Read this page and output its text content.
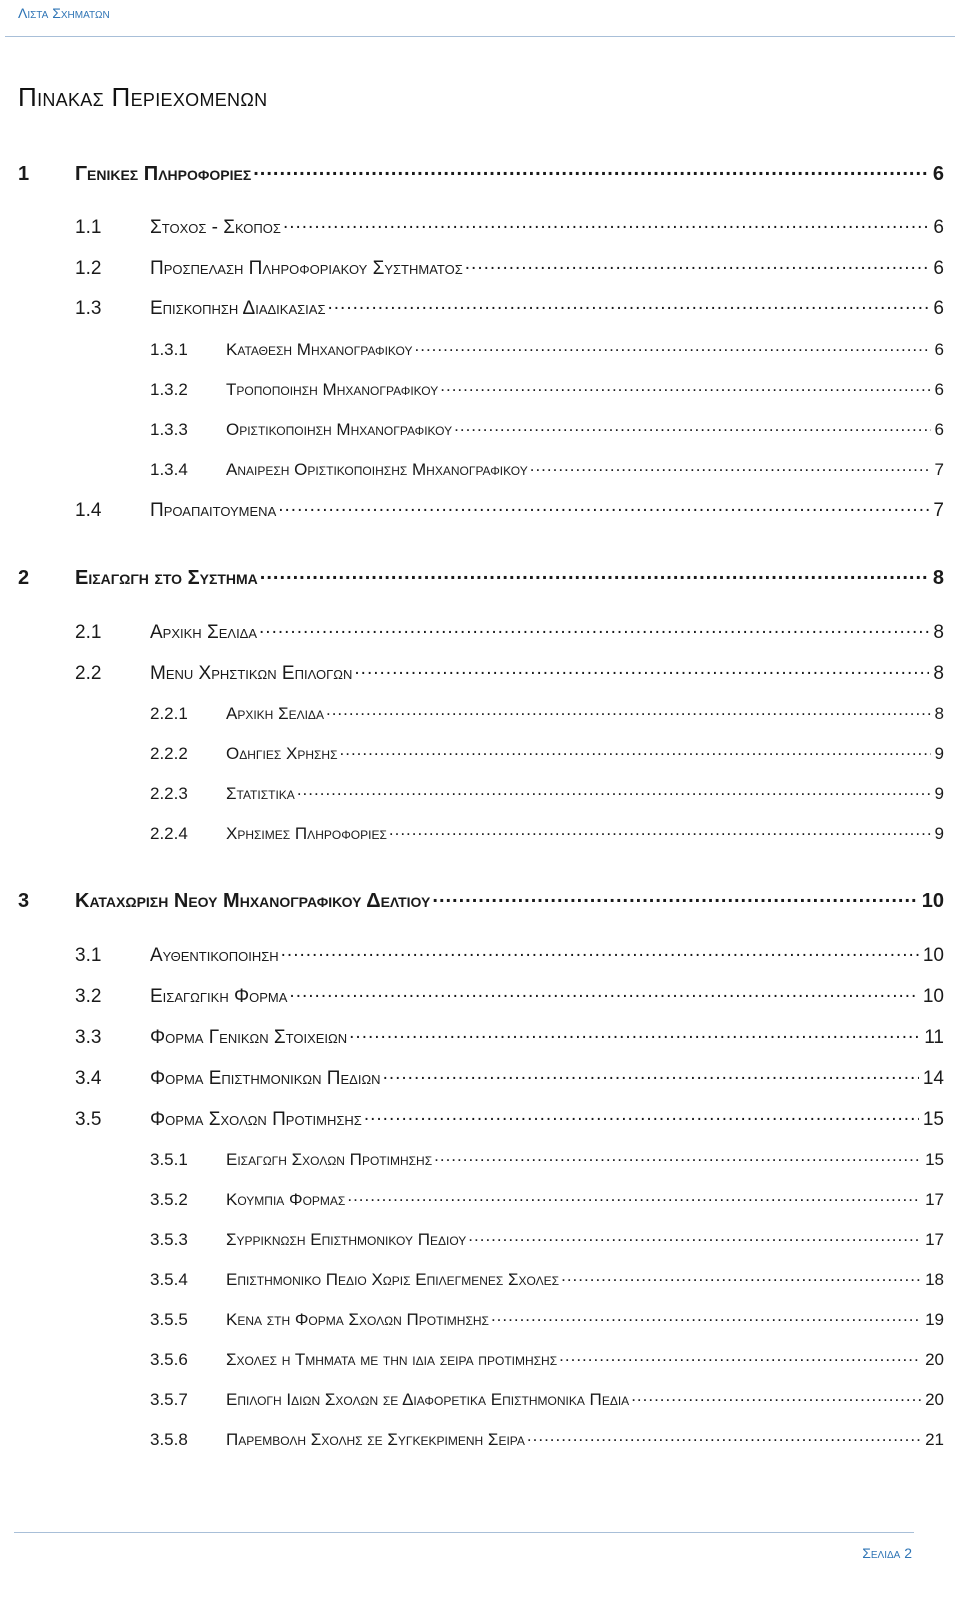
Λιστα Σχηματων
Πινακας Περιεχομενων
1	Γενικες Πληροφοριες .....	6
1.1	Στοχος - Σκοπος .....	6
1.2	Προσπελαση Πληροφοριακου Συστηματος .....	6
1.3	Επισκοπηση Διαδικασιας .....	6
1.3.1	Καταθεση Μηχανογραφικου .....	6
1.3.2	Τροποποιηση Μηχανογραφικου .....	6
1.3.3	Οριστικοποιηση Μηχανογραφικου .....	6
1.3.4	Αναιρεση Οριστικοποιησης Μηχανογραφικου .....	7
1.4	Προαπαιτουμενα .....	7
2	Εισαγωγη στο Συστημα .....	8
2.1	Αρχικη Σελιδα .....	8
2.2	Menu Χρηστικων Επιλογων .....	8
2.2.1	Αρχικη Σελιδα .....	8
2.2.2	Οδηγιες Χρησης .....	9
2.2.3	Στατιστικα .....	9
2.2.4	Χρησιμες Πληροφοριες .....	9
3	Καταχωριση Νεου Μηχανογραφικου Δελτιου .....	10
3.1	Αυθεντικοποιηση .....	10
3.2	Εισαγωγικη Φορμα .....	10
3.3	Φορμα Γενικων Στοιχειων .....	11
3.4	Φορμα Επιστημονικων Πεδιων .....	14
3.5	Φορμα Σχολων Προτιμησης .....	15
3.5.1	Εισαγωγη Σχολων Προτιμησης .....	15
3.5.2	Κουμπια Φορμας .....	17
3.5.3	Συρρικνωση Επιστημονικου Πεδιου .....	17
3.5.4	Επιστημονικο Πεδιο Χωρις Επιλεγμενες Σχολες .....	18
3.5.5	Κενα στη Φορμα Σχολων Προτιμησης .....	19
3.5.6	Σχολες η Τμηματα με την ιδια σειρα προτιμησης .....	20
3.5.7	Επιλογη Ιδιων Σχολων σε Διαφορετικα Επιστημονικα Πεδια .....	20
3.5.8	Παρεμβολη Σχολης σε Συγκεκριμενη Σειρα .....	21
Σελιδα 2
